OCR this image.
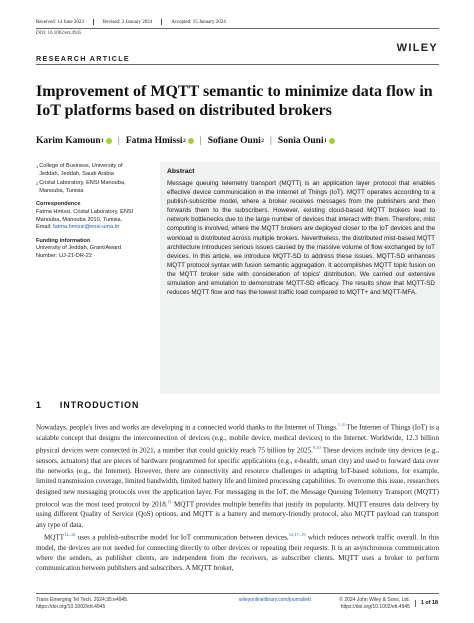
Received: 14 June 2023	Revised: 3 January 2024	Accepted: 15 January 2024
DOI: 10.1002/ett.4945
WILEY
RESEARCH ARTICLE
Improvement of MQTT semantic to minimize data flow in IoT platforms based on distributed brokers
Karim Kamoun 1 | Fatma Hmissi 2 | Sofiane Ouni 2 | Sonia Ouni 1
1 College of Business, University of Jeddah, Jeddah, Saudi Arabia
2 Cristal Laboratory, ENSI Manouba, Manouba, Tunisia
Correspondence
Fatma Hmissi, Cristal Laboratory, ENSI Manouba, Manouba 2010, Tunisia.
Email: fatma.hmissi@ensi-uma.tn
Funding information
University of Jeddah, Grant/Award Number: UJ-21-DR-22
Abstract
Message queuing telemetry transport (MQTT) is an application layer protocol that enables effective device communication in the Internet of Things (IoT). MQTT operates according to a publish-subscribe model, where a broker receives messages from the publishers and then forwards them to the subscribers. However, existing cloud-based MQTT brokers lead to network bottlenecks due to the large number of devices that interact with them. Therefore, mist computing is involved, where the MQTT brokers are deployed closer to the IoT devices and the workload is distributed across multiple brokers. Nevertheless, the distributed mist-based MQTT architecture introduces serious issues caused by the massive volume of flow exchanged by IoT devices. In this article, we introduce MQTT-SD to address these issues. MQTT-SD enhances MQTT protocol syntax with fusion semantic aggregation. It accomplishes MQTT topic fusion on the MQTT broker side with consideration of topics' distribution. We carried out extensive simulation and emulation to demonstrate MQTT-SD efficacy. The results show that MQTT-SD reduces MQTT flow and has the lowest traffic load compared to MQTT+ and MQTT-MFA.
1 INTRODUCTION

Nowadays, people's lives and works are developing in a connected world thanks to the Internet of Things.$^{1-8}$ The Internet of Things (IoT) is a scalable concept that designs the interconnection of devices (e.g., mobile device, medical devices) to the Internet. Worldwide, 12.3 billion physical devices were connected in 2021, a number that could quickly reach 75 billion by 2025.$^{9,10}$ These devices include tiny devices (e.g., sensors, actuators) that are pieces of hardware programmed for specific applications (e.g., e-health, smart city) and used to forward data over the networks (e.g., the Internet). However, there are connectivity and resource challenges in adapting IoT-based solutions, for example, limited transmission coverage, limited bandwidth, limited battery life and limited processing capabilities. To overcome this issue, researchers designed new messaging protocols over the application layer. For messaging in the IoT, the Message Queuing Telemetry Transport (MQTT) protocol was the most used protocol by 2018.11 MQTT provides multiple benefits that justify its popularity. MQTT ensures data delivery by using different Quality of Service (QoS) options, and MQTT is a battery and memory-friendly protocol, also MQTT payload can transport any type of data.

MQTT$^{12-16}$ uses a publish-subscribe model for IoT communication between devices,$^{12,17-19}$ which reduces network traffic overall. In this model, the devices are not needed for connecting directly to other devices or repeating their requests. It is an asynchronous communication where the senders, as publisher clients, are independent from the receivers, as subscriber clients. MQTT uses a broker to perform communication between publishers and subscribers. A MQTT broker,

Trans Emerging Tel Tech. 2024;35:e4945.
https://doi.org/10.1002/ett.4945
wileyonlinelibrary.com/journal/ett	© 2024 John Wiley & Sons, Ltd.
https://doi.org/10.1002/ett.4945
1 of 18
